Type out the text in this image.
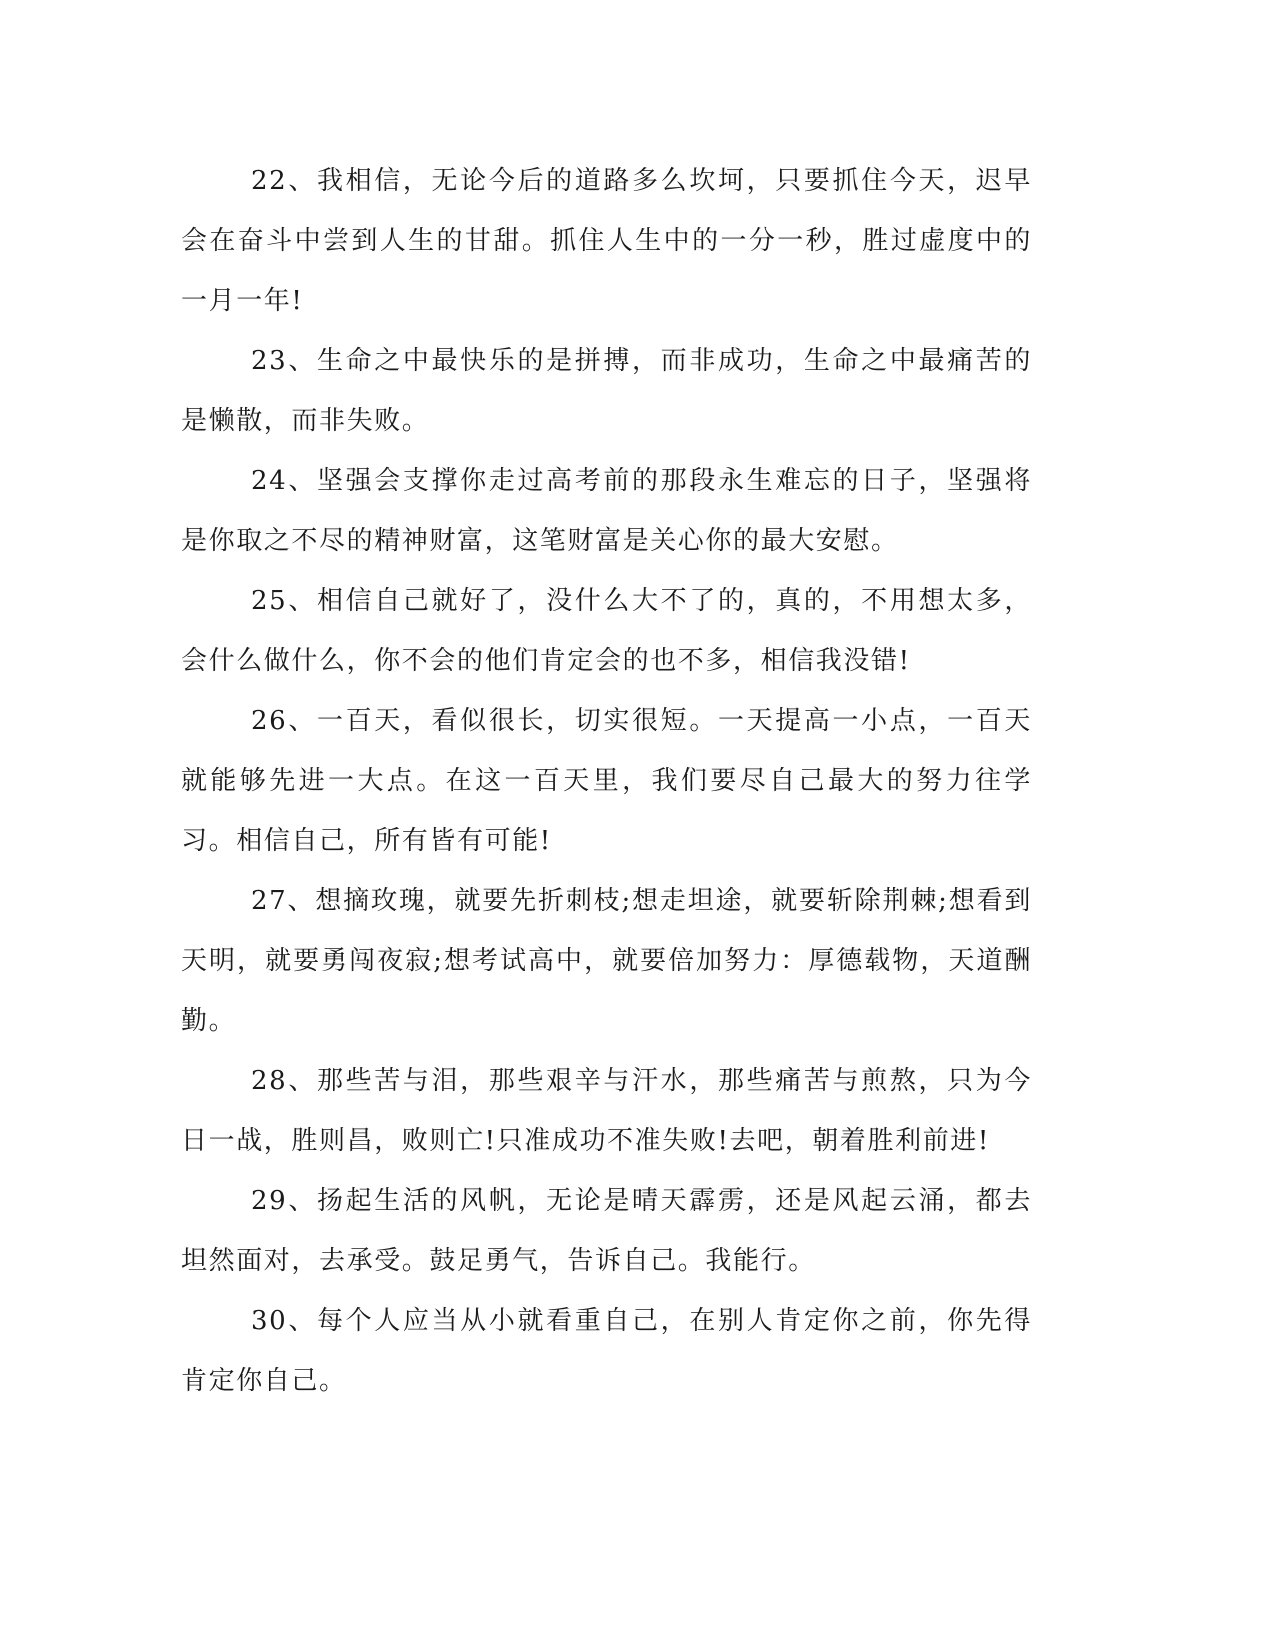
22、我相信，无论今后的道路多么坎坷，只要抓住今天，迟早会在奋斗中尝到人生的甘甜。抓住人生中的一分一秒，胜过虚度中的一月一年!

23、生命之中最快乐的是拼搏，而非成功，生命之中最痛苦的是懒散，而非失败。

24、坚强会支撑你走过高考前的那段永生难忘的日子，坚强将是你取之不尽的精神财富，这笔财富是关心你的最大安慰。

25、相信自己就好了，没什么大不了的，真的，不用想太多，会什么做什么，你不会的他们肯定会的也不多，相信我没错!

26、一百天，看似很长，切实很短。一天提高一小点，一百天就能够先进一大点。在这一百天里，我们要尽自己最大的努力往学习。相信自己，所有皆有可能!

27、想摘玫瑰，就要先折刺枝;想走坦途，就要斩除荆棘;想看到天明，就要勇闯夜寂;想考试高中，就要倍加努力：厚德载物，天道酬勤。

28、那些苦与泪，那些艰辛与汗水，那些痛苦与煎熬，只为今日一战，胜则昌，败则亡!只准成功不准失败!去吧，朝着胜利前进!

29、扬起生活的风帆，无论是晴天霹雳，还是风起云涌，都去坦然面对，去承受。鼓足勇气，告诉自己。我能行。

30、每个人应当从小就看重自己，在别人肯定你之前，你先得肯定你自己。
